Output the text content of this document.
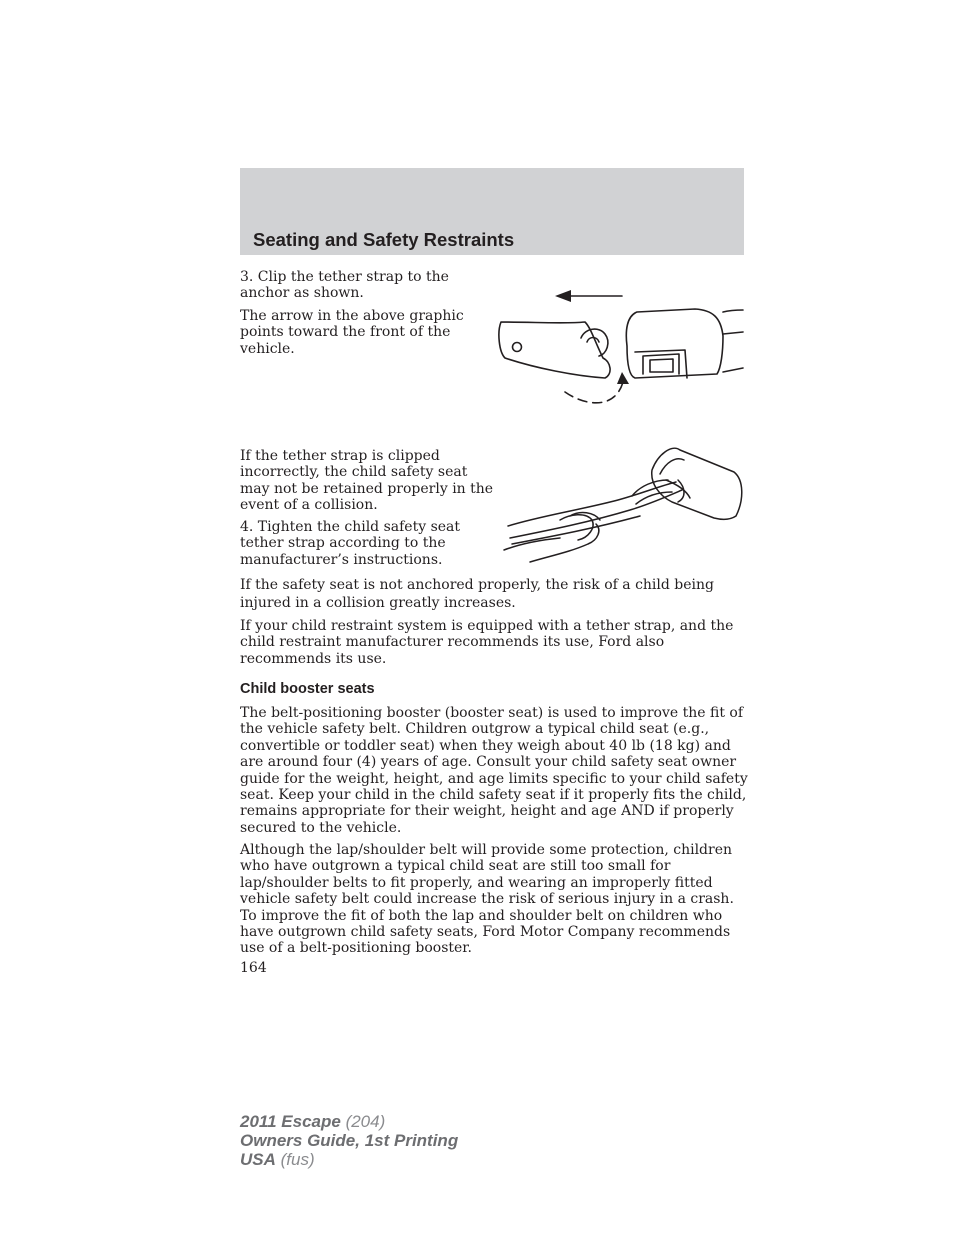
Seating and Safety Restraints

3. Clip the tether strap to the anchor as shown.

The arrow in the above graphic points toward the front of the vehicle.

If the tether strap is clipped incorrectly, the child safety seat may not be retained properly in the event of a collision.

4. Tighten the child safety seat tether strap according to the manufacturer’s instructions.

If the safety seat is not anchored properly, the risk of a child being injured in a collision greatly increases.

If your child restraint system is equipped with a tether strap, and the child restraint manufacturer recommends its use, Ford also recommends its use.

Child booster seats

The belt-positioning booster (booster seat) is used to improve the fit of the vehicle safety belt. Children outgrow a typical child seat (e.g., convertible or toddler seat) when they weigh about 40 lb (18 kg) and are around four (4) years of age. Consult your child safety seat owner guide for the weight, height, and age limits specific to your child safety seat. Keep your child in the child safety seat if it properly fits the child, remains appropriate for their weight, height and age AND if properly secured to the vehicle.

Although the lap/shoulder belt will provide some protection, children who have outgrown a typical child seat are still too small for lap/shoulder belts to fit properly, and wearing an improperly fitted vehicle safety belt could increase the risk of serious injury in a crash. To improve the fit of both the lap and shoulder belt on children who have outgrown child safety seats, Ford Motor Company recommends use of a belt-positioning booster.

164
2011 Escape (204)
Owners Guide, 1st Printing
USA (fus)
